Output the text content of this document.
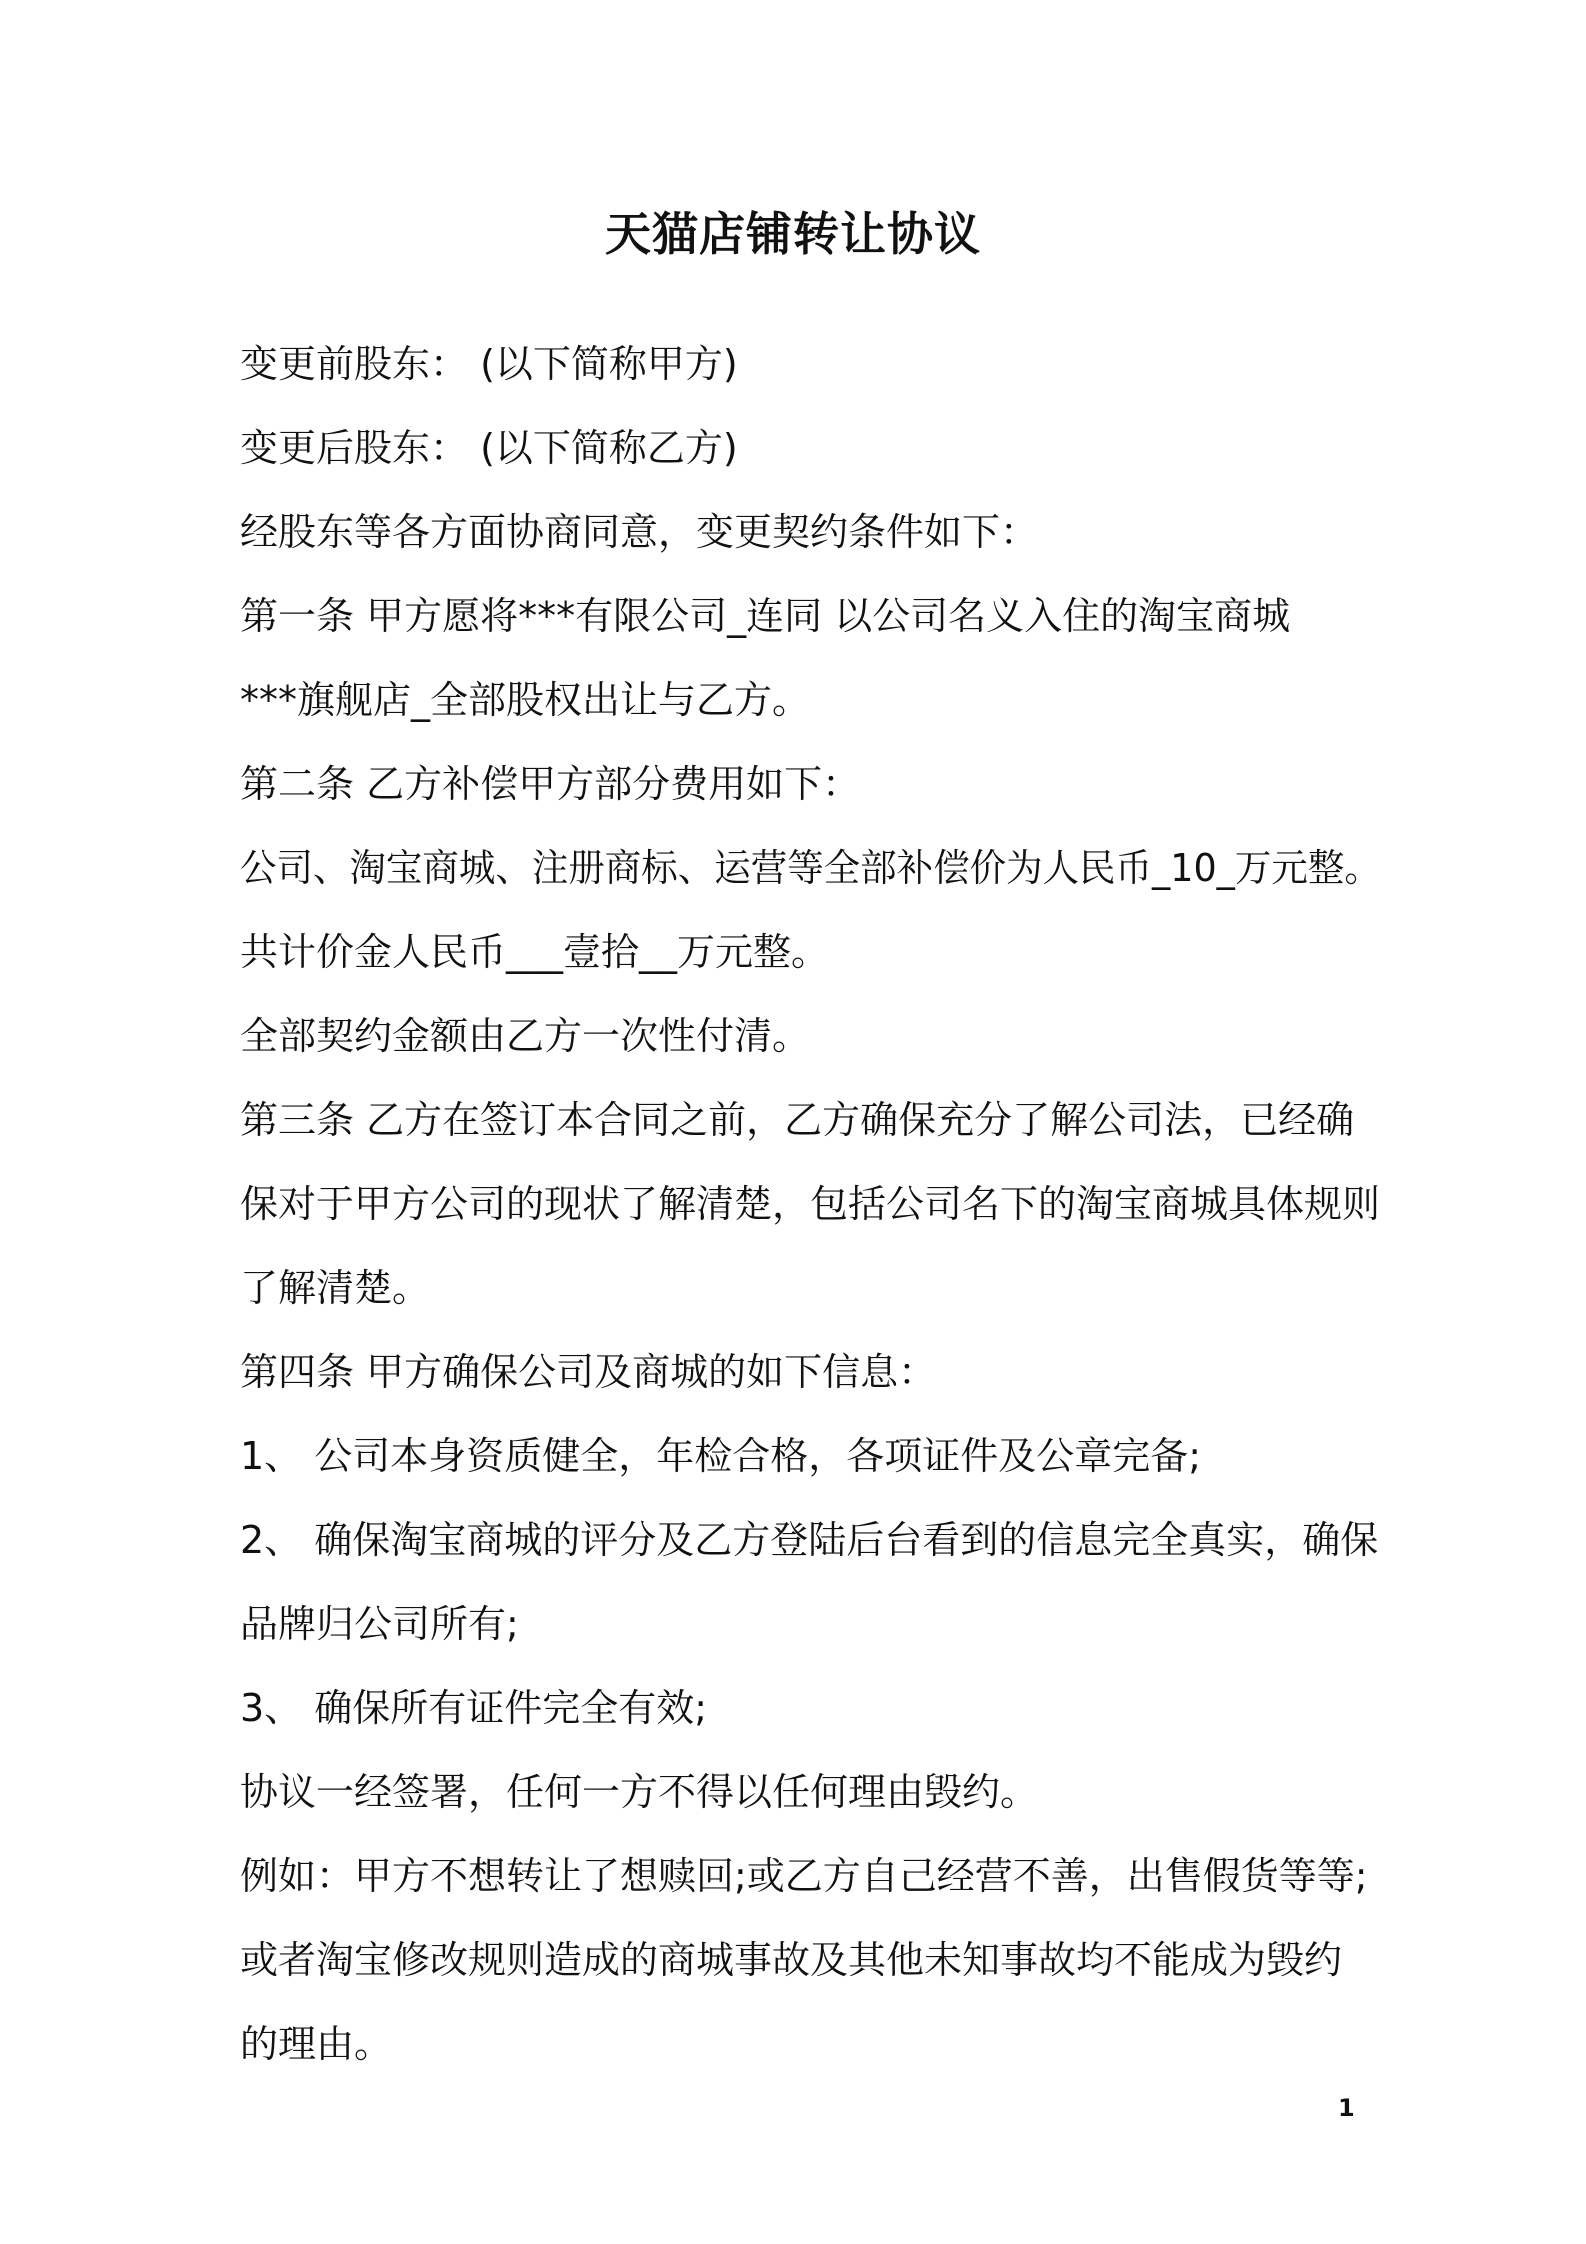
天猫店铺转让协议
变更前股东： (以下简称甲方)
变更后股东： (以下简称乙方)
经股东等各方面协商同意，变更契约条件如下：
第一条 甲方愿将***有限公司_连同 以公司名义入住的淘宝商城
***旗舰店_全部股权出让与乙方。
第二条 乙方补偿甲方部分费用如下：
公司、淘宝商城、注册商标、运营等全部补偿价为人民币_10_万元整。
共计价金人民币___壹拾__万元整。
全部契约金额由乙方一次性付清。
第三条 乙方在签订本合同之前，乙方确保充分了解公司法，已经确
保对于甲方公司的现状了解清楚，包括公司名下的淘宝商城具体规则
了解清楚。
第四条 甲方确保公司及商城的如下信息：
1、 公司本身资质健全，年检合格，各项证件及公章完备;
2、 确保淘宝商城的评分及乙方登陆后台看到的信息完全真实，确保
品牌归公司所有;
3、 确保所有证件完全有效;
协议一经签署，任何一方不得以任何理由毁约。
例如：甲方不想转让了想赎回;或乙方自己经营不善，出售假货等等;
或者淘宝修改规则造成的商城事故及其他未知事故均不能成为毁约
的理由。
1
